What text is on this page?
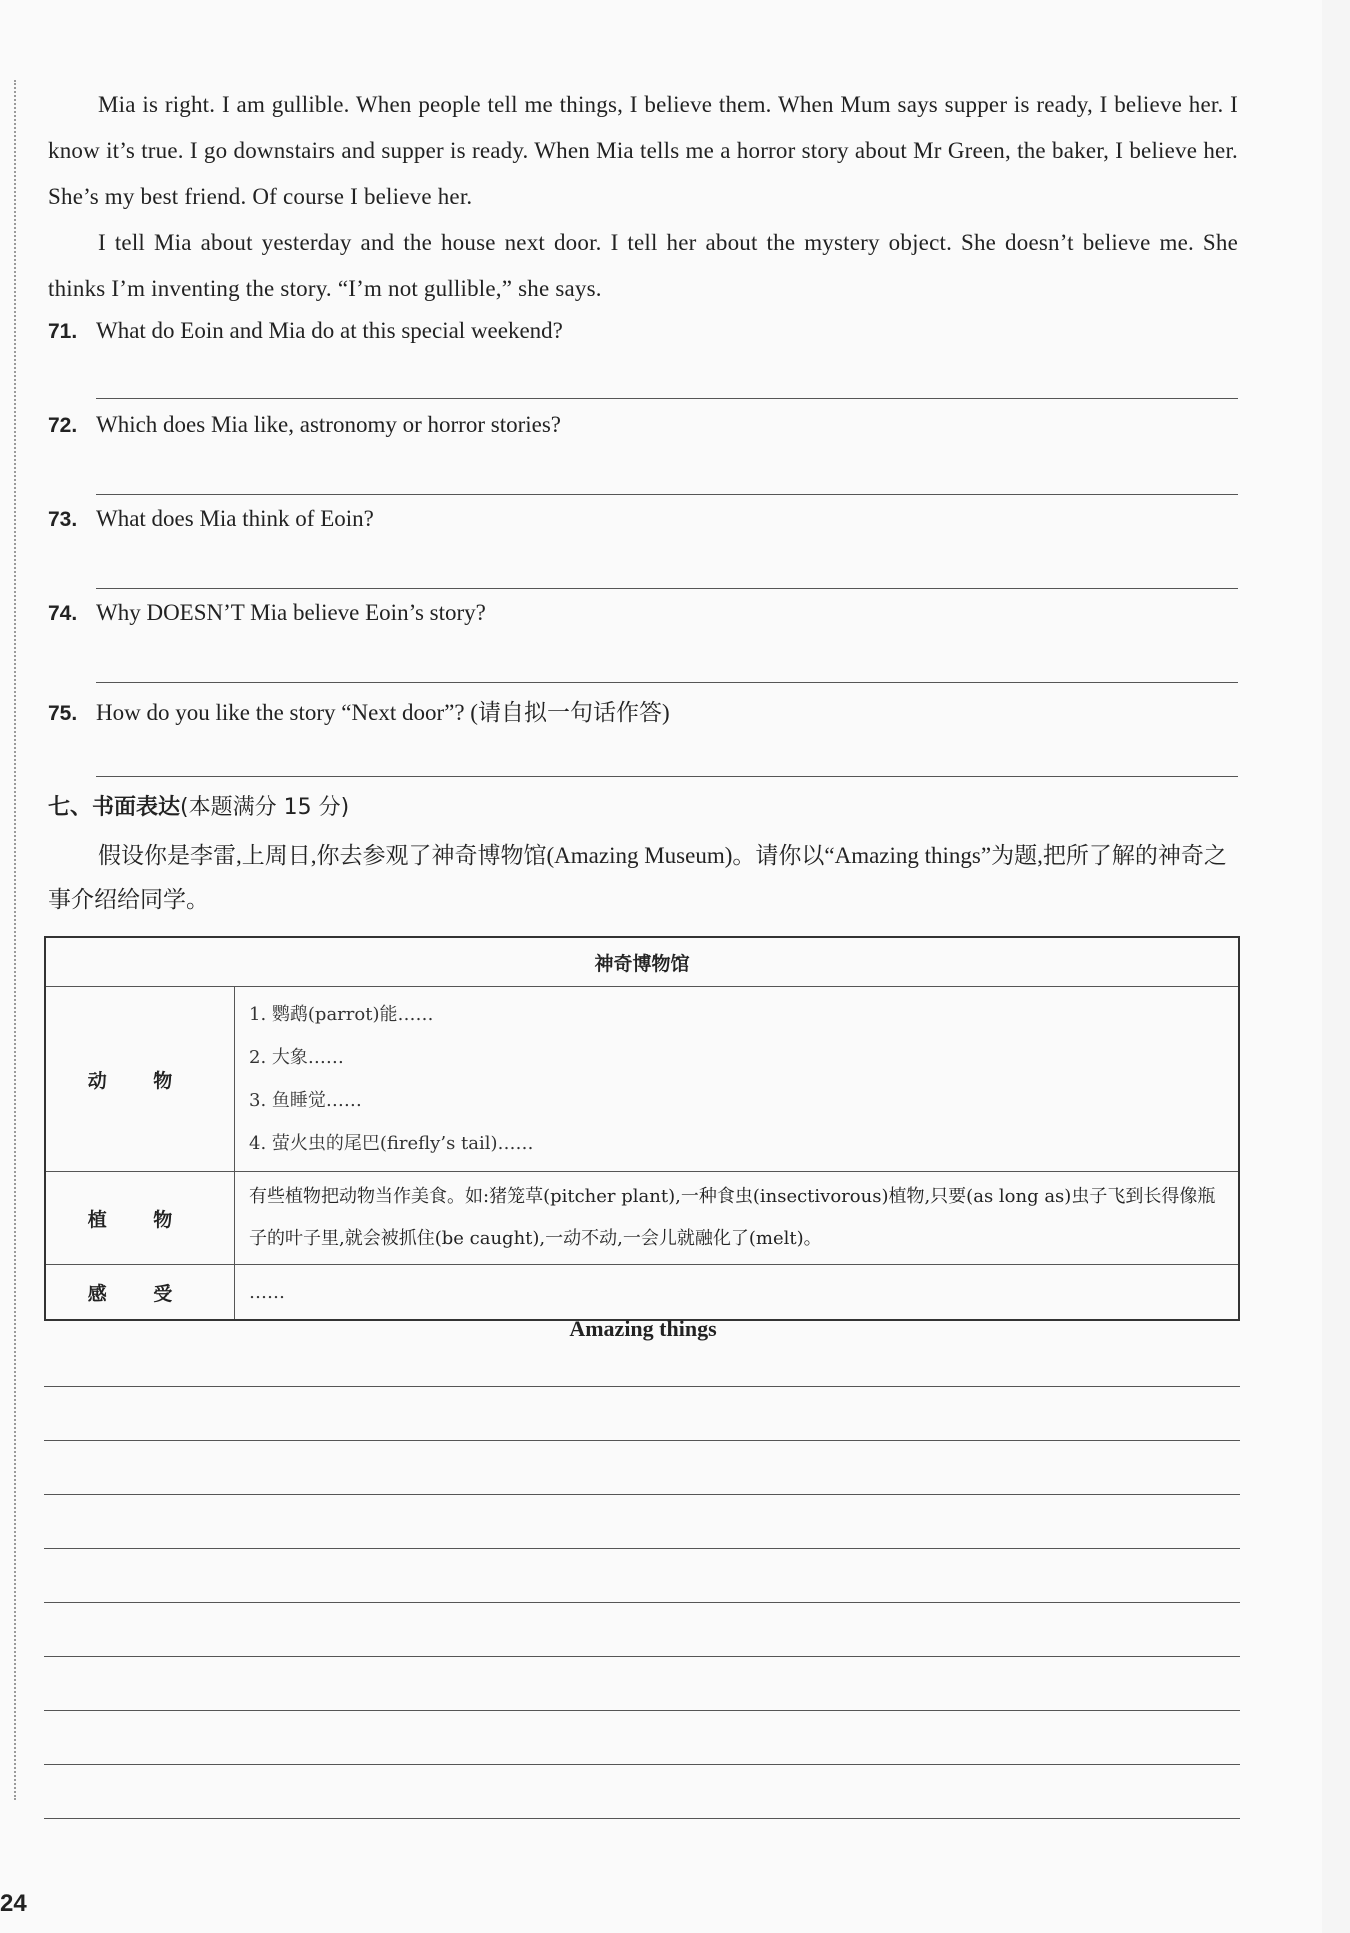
Mia is right. I am gullible. When people tell me things, I believe them. When Mum says supper is ready, I believe her. I know it’s true. I go downstairs and supper is ready. When Mia tells me a horror story about Mr Green, the baker, I believe her. She’s my best friend. Of course I believe her.
I tell Mia about yesterday and the house next door. I tell her about the mystery object. She doesn’t believe me. She thinks I’m inventing the story. “I’m not gullible,” she says.
71. What do Eoin and Mia do at this special weekend?
72. Which does Mia like, astronomy or horror stories?
73. What does Mia think of Eoin?
74. Why DOESN’T Mia believe Eoin’s story?
75. How do you like the story “Next door”? (请自拟一句话作答)
七、书面表达(本题满分 15 分)
假设你是李雷,上周日,你去参观了神奇博物馆(Amazing Museum)。请你以“Amazing things”为题,把所了解的神奇之事介绍给同学。
神奇博物馆	
动 物	1. 鹦鹉(parrot)能……
2. 大象……
3. 鱼睡觉……
4. 萤火虫的尾巴(firefly’s tail)……

植 物	有些植物把动物当作美食。如:猪笼草(pitcher plant),一种食虫(insectivorous)植物,只要(as long as)虫子飞到长得像瓶子的叶子里,就会被抓住(be caught),一动不动,一会儿就融化了(melt)。
感 受	……
Amazing things
24
